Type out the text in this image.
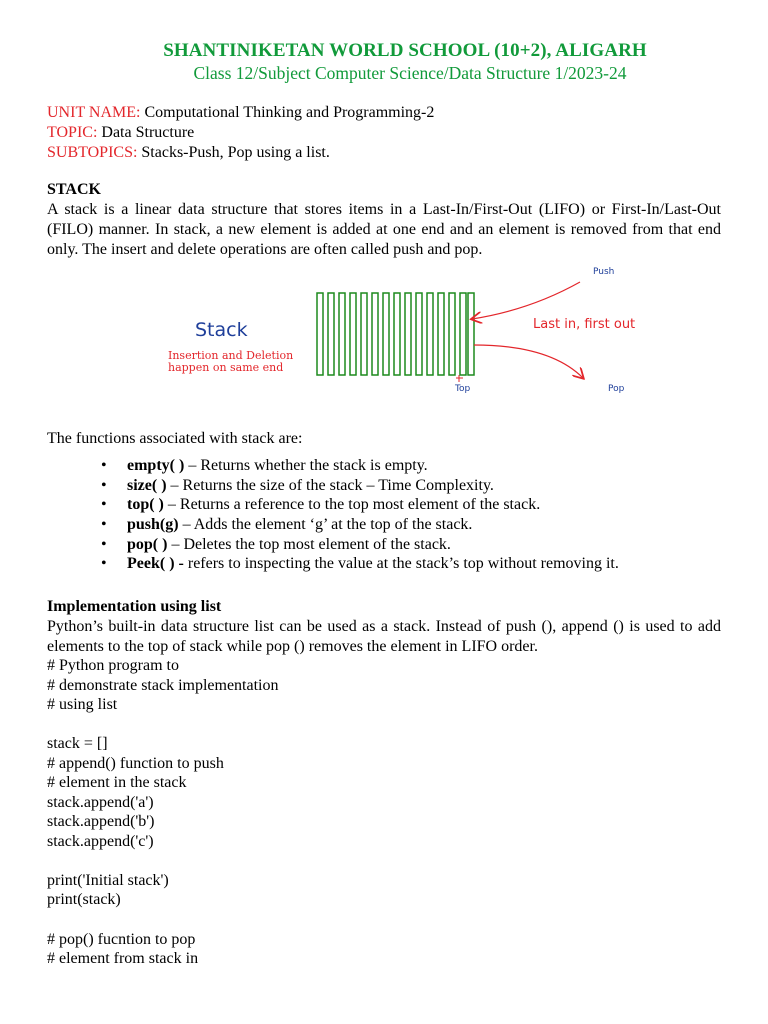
SHANTINIKETAN WORLD SCHOOL (10+2), ALIGARH
Class 12/Subject Computer Science/Data Structure 1/2023-24
UNIT NAME: Computational Thinking and Programming-2
TOPIC: Data Structure
SUBTOPICS: Stacks-Push, Pop using a list.
STACK
A stack is a linear data structure that stores items in a Last-In/First-Out (LIFO) or First-In/Last-Out (FILO) manner. In stack, a new element is added at one end and an element is removed from that end only. The insert and delete operations are often called push and pop.
Stack
Insertion and Deletion
happen on same end
Push
Last in, first out
Top	Pop
The functions associated with stack are:
empty( ) – Returns whether the stack is empty.
size( ) – Returns the size of the stack – Time Complexity.
top( ) – Returns a reference to the top most element of the stack.
push(g) – Adds the element ‘g’ at the top of the stack.
pop( ) – Deletes the top most element of the stack.
Peek( ) - refers to inspecting the value at the stack’s top without removing it.
Implementation using list
Python’s built-in data structure list can be used as a stack. Instead of push (), append () is used to add elements to the top of stack while pop () removes the element in LIFO order.
# Python program to
# demonstrate stack implementation
# using list
stack = []
# append() function to push
# element in the stack
stack.append('a')
stack.append('b')
stack.append('c')
print('Initial stack')
print(stack)
# pop() fucntion to pop
# element from stack in
